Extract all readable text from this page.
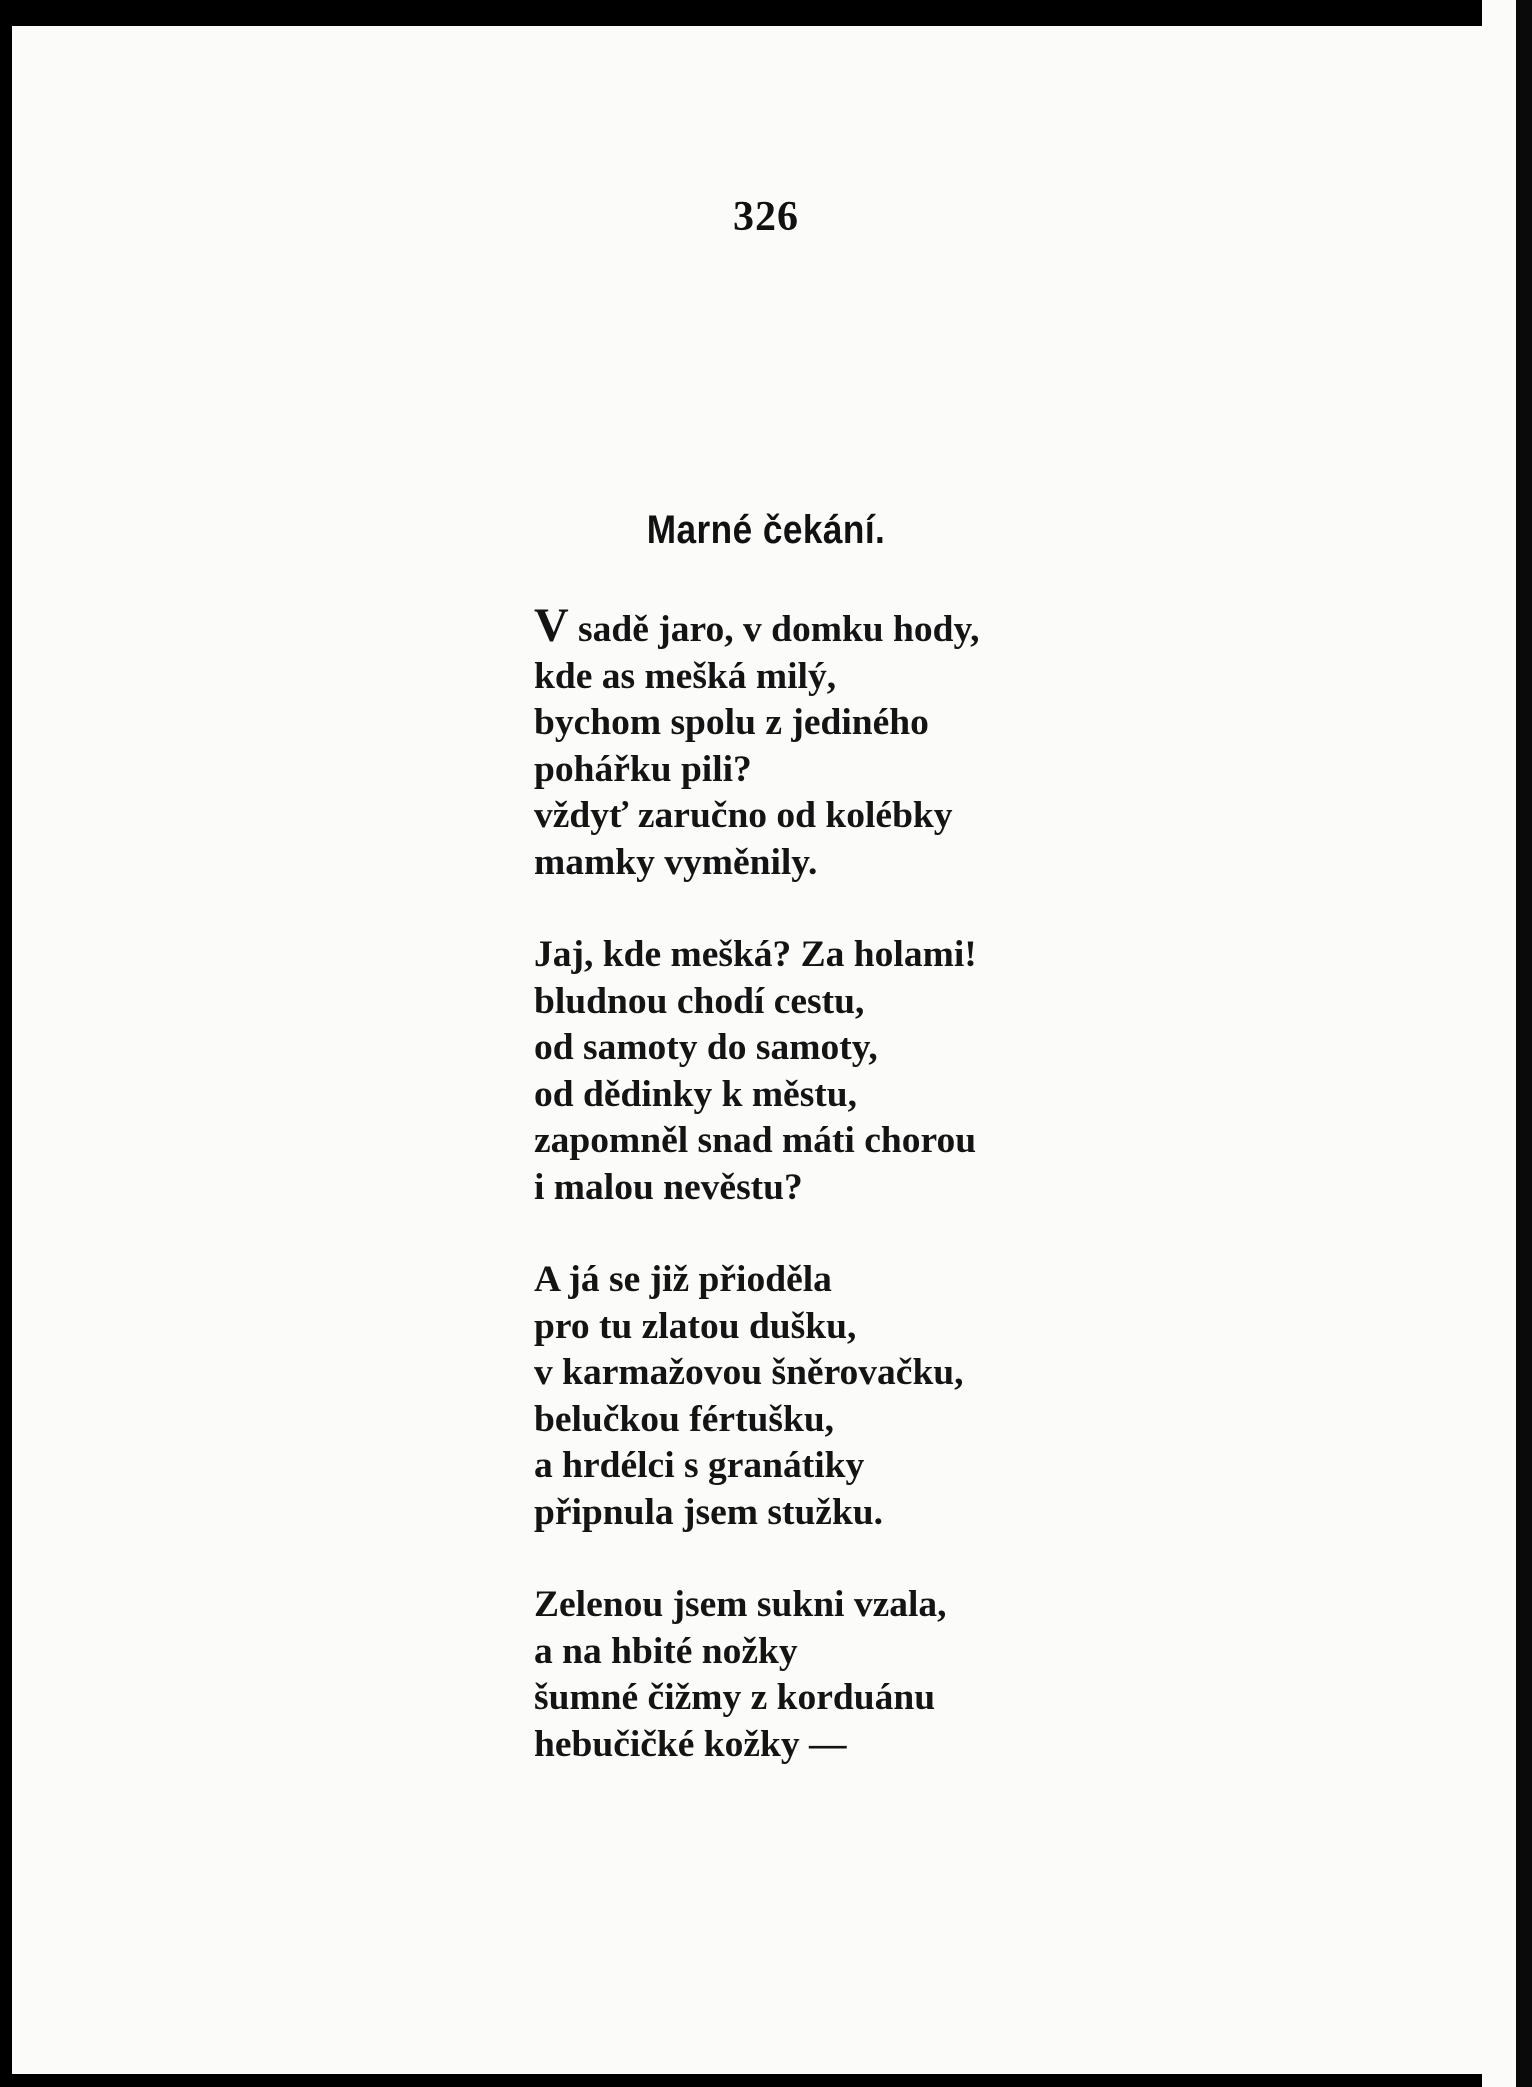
326
Marné čekání.
V sadě jaro, v domku hody,
kde as mešká milý,
bychom spolu z jediného
pohářku pili?
vždyť zaručno od kolébky
mamky vyměnily.
Jaj, kde mešká? Za holami!
bludnou chodí cestu,
od samoty do samoty,
od dědinky k městu,
zapomněl snad máti chorou
i malou nevěstu?
A já se již přioděla
pro tu zlatou dušku,
v karmažovou šněrovačku,
belučkou fértušku,
a hrdélci s granátiky
připnula jsem stužku.
Zelenou jsem sukni vzala,
a na hbité nožky
šumné čižmy z korduánu
hebučičké kožky —
